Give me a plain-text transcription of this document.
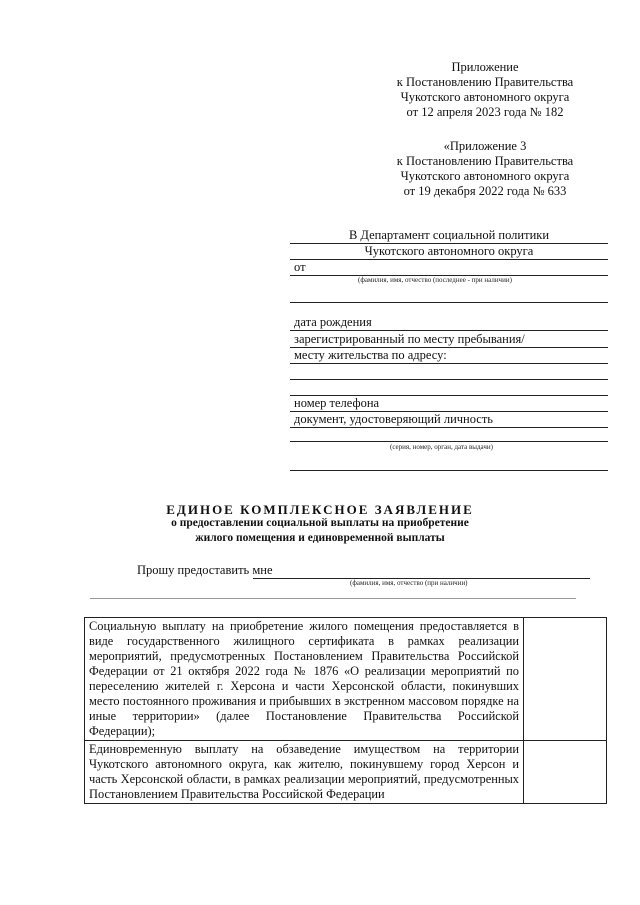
Приложение
к Постановлению Правительства
Чукотского автономного округа
от 12 апреля 2023 года № 182
«Приложение 3
к Постановлению Правительства
Чукотского автономного округа
от 19 декабря 2022 года № 633
В Департамент социальной политики
Чукотского автономного округа
от
(фамилия, имя, отчество (последнее - при наличии)
дата рождения
зарегистрированный по месту пребывания/
месту жительства по адресу:
номер телефона
документ, удостоверяющий личность
(серия, номер, орган, дата выдачи)
ЕДИНОЕ КОМПЛЕКСНОЕ ЗАЯВЛЕНИЕ
о предоставлении социальной выплаты на приобретение
жилого помещения и единовременной выплаты
Прошу предоставить мне
(фамилия, имя, отчество (при наличии)
Социальную выплату на приобретение жилого помещения предоставляется в виде государственного жилищного сертификата в рамках реализации мероприятий, предусмотренных Постановлением Правительства Российской Федерации от 21 октября 2022 года № 1876 «О реализации мероприятий по переселению жителей г. Херсона и части Херсонской области, покинувших место постоянного проживания и прибывших в экстренном массовом порядке на иные территории» (далее Постановление Правительства Российской Федерации);	
Единовременную выплату на обзаведение имуществом на территории Чукотского автономного округа, как жителю, покинувшему город Херсон и часть Херсонской области, в рамках реализации мероприятий, предусмотренных Постановлением Правительства Российской Федерации	
